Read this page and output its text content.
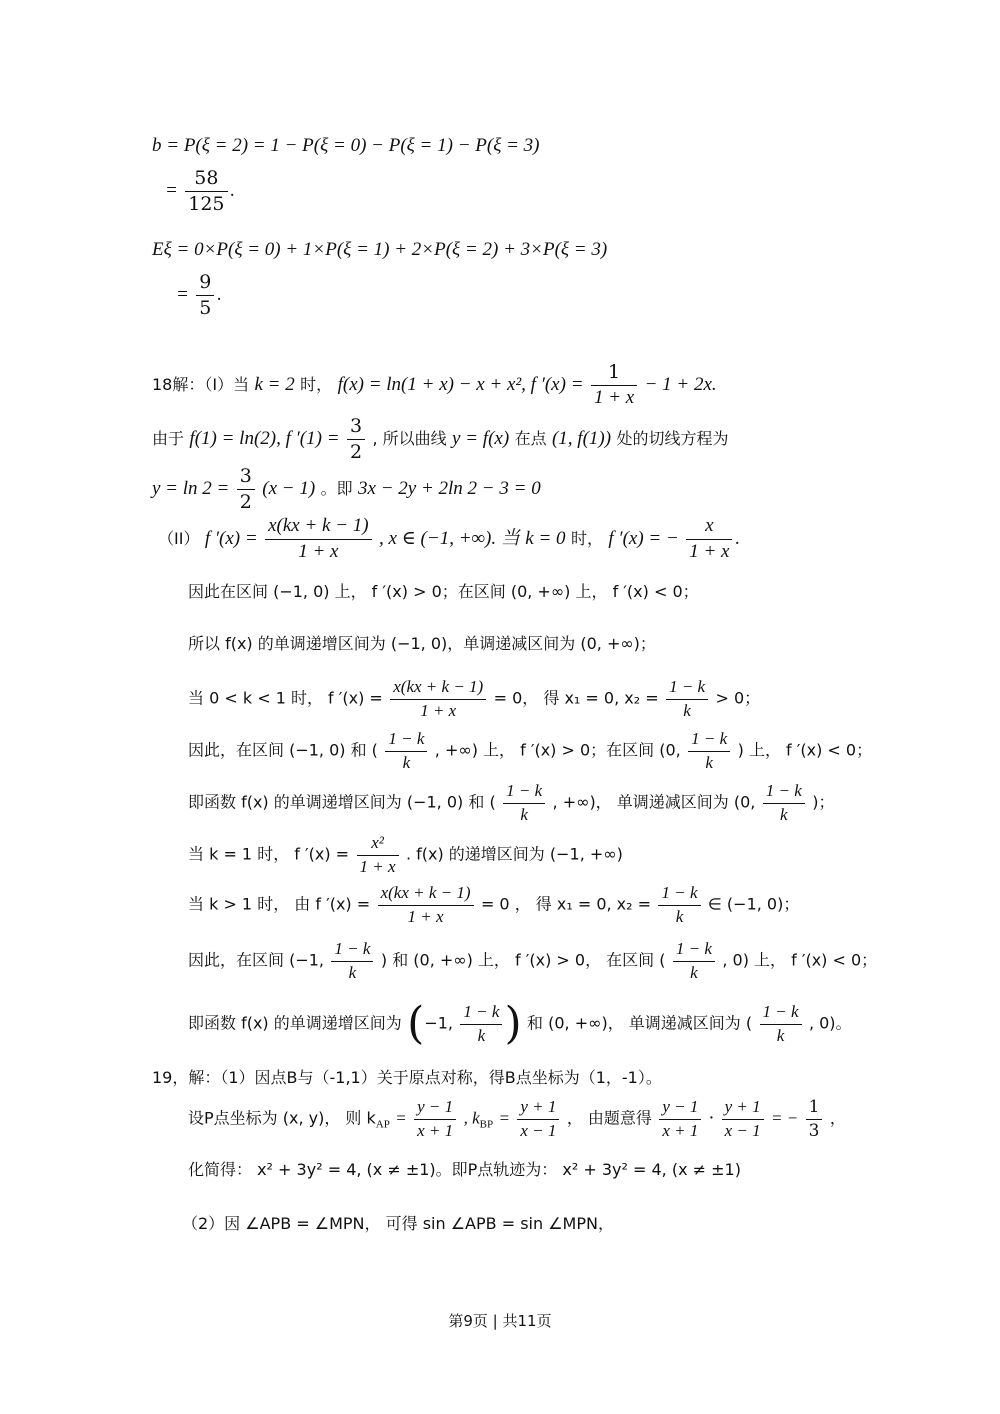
b = P(ξ = 2) = 1 − P(ξ = 0) − P(ξ = 1) − P(ξ = 3)
= $\frac{58}{125}$ .
Eξ = 0×P(ξ = 0) + 1×P(ξ = 1) + 2×P(ξ = 2) + 3×P(ξ = 3)
= $\frac{9}{5}$ .
18解：（I）当 k = 2 时， f(x) = ln(1 + x) − x + x², f $'(x) = \frac{1}{1 + x} - 1 + 2x$.
由于 f(1) = ln(2), f $'(1) = \frac{3}{2}$ , 所以曲线 y = f(x) 在点 (1, f(1)) 处的切线方程为
$y = \ln 2 = \frac{3}{2} (x - 1)$ 。即 3x − 2y + 2ln 2 − 3 = 0
（II） f $'(x) = \frac{x(kx + k - 1)}{1 + x}$ , x ∈ (−1, +∞). 当 k = 0 时， f ′(x) = − $\frac{x}{1 + x}$ .
因此在区间 (−1, 0) 上， f ′(x) > 0；在区间 (0, +∞) 上， f ′(x) < 0；
所以 f(x) 的单调递增区间为 (−1, 0)，单调递减区间为 (0, +∞)；
当 0 < k < 1 时， f $'(x) = \frac{x(kx + k - 1)}{1 + x} = 0$， 得 x₁ = 0, $x_2 = \frac{1 - k}{k} > 0$；
因此，在区间 (−1, 0) 和 ( $\frac{1 - k}{k}$ , +∞) 上， f ′(x) > 0；在区间 (0, $\frac{1 - k}{k}$ ) 上， f ′(x) < 0；
即函数 f(x) 的单调递增区间为 (−1, 0) 和 ( $\frac{1 - k}{k}$ , +∞)， 单调递减区间为 (0, $\frac{1 - k}{k}$ )；
当 k = 1 时， f $'(x) = \frac{\text{x²}}{1 + x}$ . f(x) 的递增区间为 (−1, +∞)
当 k > 1 时， 由 f $'(x) = \frac{x(kx + k - 1)}{1 + x} = 0$ ， 得 x₁ = 0, $x_2 = \frac{1 - k}{k}$ ∈ (−1, 0)；
因此，在区间 (−1, $\frac{1 - k}{k}$ ) 和 (0, +∞) 上， f ′(x) > 0， 在区间 ( $\frac{1 - k}{k}$ , 0) 上， f ′(x) < 0；
即函数 f(x) 的单调递增区间为 (−1, $\frac{1 - k}{k}$ ) 和 (0, +∞)， 单调递减区间为 ( $\frac{1 - k}{k}$ , 0)。
19，解：（1）因点B与（-1,1）关于原点对称，得B点坐标为（1，-1）。
设P点坐标为 (x, y)， 则 $k_{AP} = \frac{y - 1}{x + 1}$ , $k_{BP} = \frac{y + 1}{x - 1}$ ， 由题意得 $\frac{y - 1}{x + 1} \cdot \frac{y + 1}{x - 1}$ = − $\frac{1}{3}$ ，
化简得： x² + 3y² = 4, (x ≠ ±1)。即P点轨迹为： x² + 3y² = 4, (x ≠ ±1)
（2）因 ∠APB = ∠MPN， 可得 sin ∠APB = sin ∠MPN，
第9页 | 共11页
